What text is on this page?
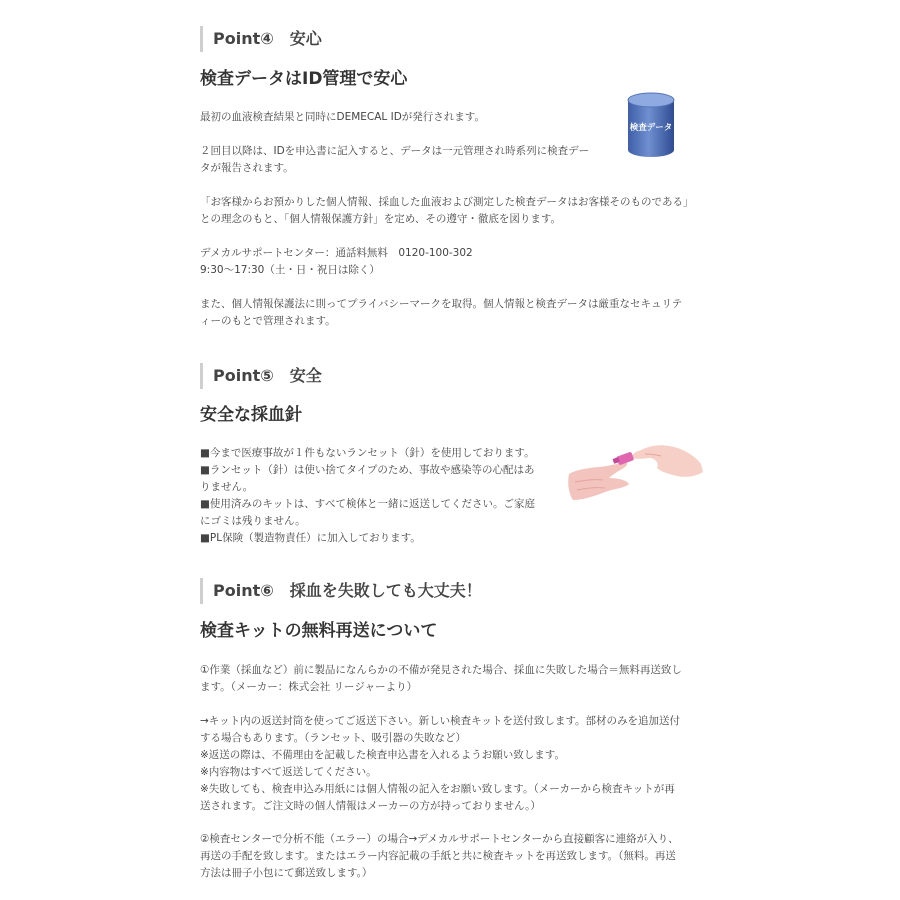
Point④　安心
検査データはID管理で安心

最初の血液検査結果と同時にDEMECAL IDが発行されます。

２回目以降は、IDを申込書に記入すると、データは一元管理され時系列に検査デー
タが報告されます。

「お客様からお預かりした個人情報、採血した血液および測定した検査データはお客様そのものである」
との理念のもと、「個人情報保護方針」を定め、その遵守・徹底を図ります。

デメカルサポートセンター：通話料無料　0120-100-302
9:30～17:30（土・日・祝日は除く）

また、個人情報保護法に則ってプライバシーマークを取得。個人情報と検査データは厳重なセキュリテ
ィーのもとで管理されます。

検査データ
Point⑤　安全
安全な採血針

■今まで医療事故が１件もないランセット（針）を使用しております。

■ランセット（針）は使い捨てタイプのため、事故や感染等の心配はあ

りません。

■使用済みのキットは、すべて検体と一緒に返送してください。ご家庭

にゴミは残りません。

■PL保険（製造物責任）に加入しております。

Point⑥　採血を失敗しても大丈夫！
検査キットの無料再送について

①作業（採血など）前に製品になんらかの不備が発見された場合、採血に失敗した場合＝無料再送致し
ます。（メーカー：株式会社 リージャーより）

→キット内の返送封筒を使ってご返送下さい。新しい検査キットを送付致します。部材のみを追加送付
する場合もあります。（ランセット、吸引器の失敗など）
※返送の際は、不備理由を記載した検査申込書を入れるようお願い致します。
※内容物はすべて返送してください。
※失敗しても、検査申込み用紙には個人情報の記入をお願い致します。（メーカーから検査キットが再
送されます。ご注文時の個人情報はメーカーの方が持っておりません。）

②検査センターで分析不能（エラー）の場合→デメカルサポートセンターから直接顧客に連絡が入り、
再送の手配を致します。またはエラー内容記載の手紙と共に検査キットを再送致します。（無料。再送
方法は冊子小包にて郵送致します。）
